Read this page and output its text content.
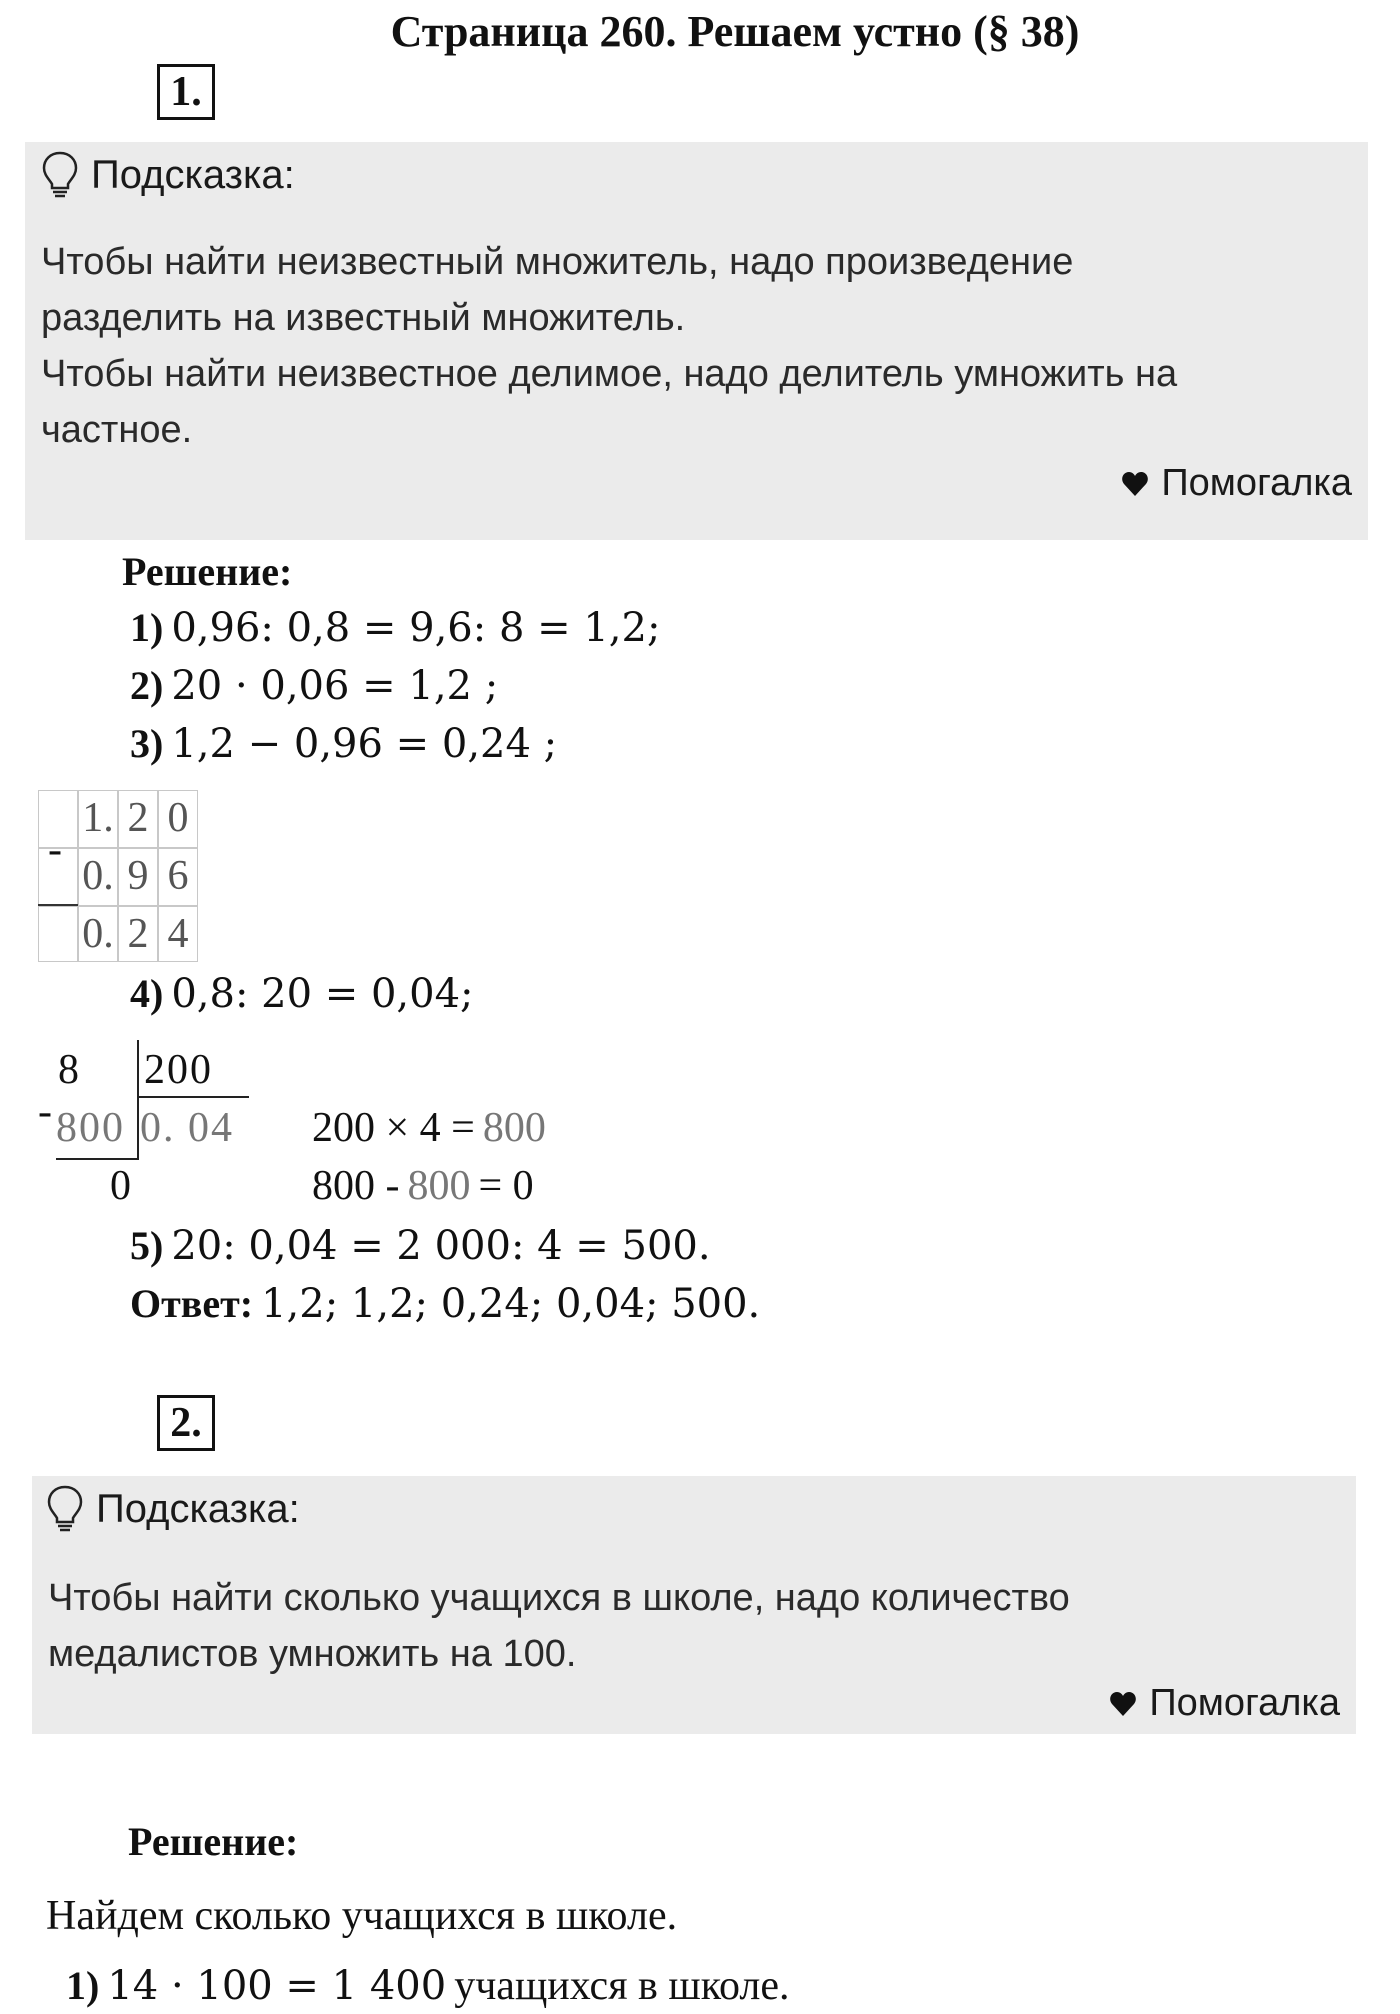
Страница 260. Решаем устно (§ 38)
1.
Подсказка:
Чтобы найти неизвестный множитель, надо произведение
разделить на известный множитель.
Чтобы найти неизвестное делимое, надо делитель умножить на
частное.
Помогалка
Решение:
1) 0,96: 0,8 = 9,6: 8 = 1,2;
2) 20 · 0,06 = 1,2 ;
3) 1,2 − 0,96 = 0,24 ;
-
1. 2 0
0. 9 6
0. 2 4
4) 0,8: 20 = 0,04;
8 200
- 800 0. 04
0
200 × 4 = 800
800 - 800 = 0
5) 20: 0,04 = 2 000: 4 = 500.
Ответ: 1,2; 1,2; 0,24; 0,04; 500.
2.
Подсказка:
Чтобы найти сколько учащихся в школе, надо количество
медалистов умножить на 100.
Помогалка
Решение:
Найдем сколько учащихся в школе.
1) 14 · 100 = 1 400 учащихся в школе.
